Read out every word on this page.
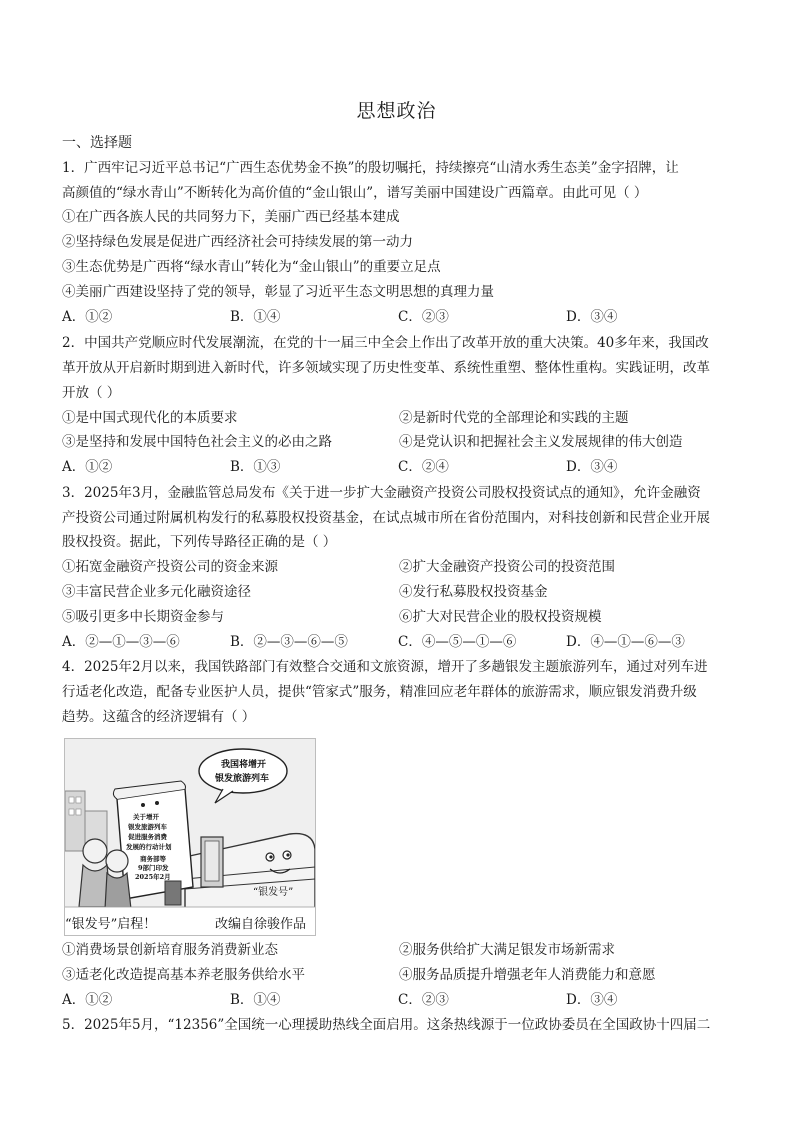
思想政治
一、选择题
1．广西牢记习近平总书记“广西生态优势金不换”的殷切嘱托，持续擦亮“山清水秀生态美”金字招牌，让
高颜值的“绿水青山”不断转化为高价值的“金山银山”，谱写美丽中国建设广西篇章。由此可见（ ）
①在广西各族人民的共同努力下，美丽广西已经基本建成
②坚持绿色发展是促进广西经济社会可持续发展的第一动力
③生态优势是广西将“绿水青山”转化为“金山银山”的重要立足点
④美丽广西建设坚持了党的领导，彰显了习近平生态文明思想的真理力量
A．①②	B．①④	C．②③	D．③④
2．中国共产党顺应时代发展潮流，在党的十一届三中全会上作出了改革开放的重大决策。40多年来，我国改
革开放从开启新时期到进入新时代，许多领域实现了历史性变革、系统性重塑、整体性重构。实践证明，改革
开放（ ）
①是中国式现代化的本质要求	②是新时代党的全部理论和实践的主题
③是坚持和发展中国特色社会主义的必由之路	④是党认识和把握社会主义发展规律的伟大创造
A．①②	B．①③	C．②④	D．③④
3．2025年3月，金融监管总局发布《关于进一步扩大金融资产投资公司股权投资试点的通知》，允许金融资
产投资公司通过附属机构发行的私募股权投资基金，在试点城市所在省份范围内，对科技创新和民营企业开展
股权投资。据此，下列传导路径正确的是（ ）
①拓宽金融资产投资公司的资金来源	②扩大金融资产投资公司的投资范围
③丰富民营企业多元化融资途径	④发行私募股权投资基金
⑤吸引更多中长期资金参与	⑥扩大对民营企业的股权投资规模
A．②—①—③—⑥	B．②—③—⑥—⑤	C．④—⑤—①—⑥	D．④—①—⑥—③
4．2025年2月以来，我国铁路部门有效整合交通和文旅资源，增开了多趟银发主题旅游列车，通过对列车进
行适老化改造，配备专业医护人员，提供“管家式”服务，精准回应老年群体的旅游需求，顺应银发消费升级
趋势。这蕴含的经济逻辑有（ ）
“银发号”
关于增开
银发旅游列车
促进服务消费
发展的行动计划
商务部等
9部门印发
2025年2月
我国将增开
银发旅游列车
“银发号”启程！	改编自徐骏作品
①消费场景创新培育服务消费新业态	②服务供给扩大满足银发市场新需求
③适老化改造提高基本养老服务供给水平	④服务品质提升增强老年人消费能力和意愿
A．①②	B．①④	C．②③	D．③④
5．2025年5月，“12356”全国统一心理援助热线全面启用。这条热线源于一位政协委员在全国政协十四届二
